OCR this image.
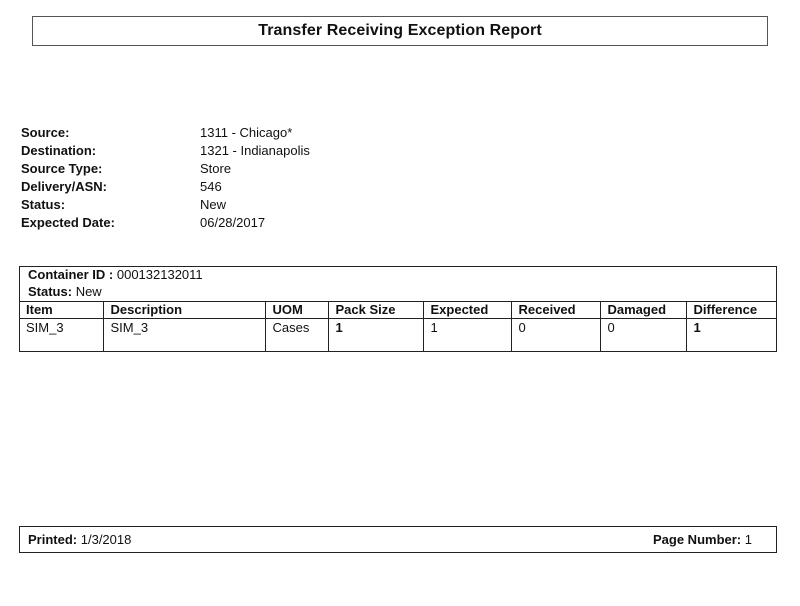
Transfer Receiving Exception Report
Source:	1311 - Chicago*
Destination:	1321 - Indianapolis
Source Type:	Store
Delivery/ASN:	546
Status:	New
Expected Date:	06/28/2017
Container ID : 000132132011
Status: New
Item	Description	UOM	Pack Size	Expected	Received	Damaged	Difference
SIM_3	SIM_3	Cases	1	1	0	0	1
Printed: 1/3/2018	Page Number: 1
